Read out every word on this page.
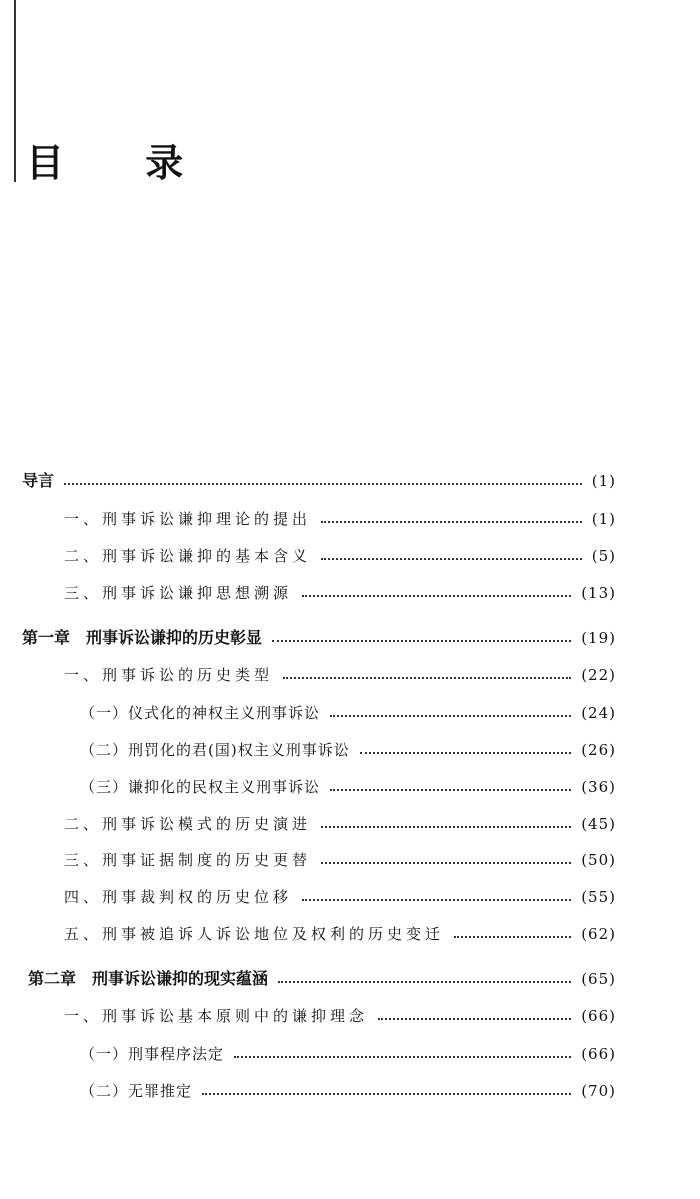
目 录
导言	(1)
一、刑事诉讼谦抑理论的提出	(1)
二、刑事诉讼谦抑的基本含义	(5)
三、刑事诉讼谦抑思想溯源	(13)
第一章　刑事诉讼谦抑的历史彰显	(19)
一、刑事诉讼的历史类型	(22)
（一）仪式化的神权主义刑事诉讼	(24)
（二）刑罚化的君(国)权主义刑事诉讼	(26)
（三）谦抑化的民权主义刑事诉讼	(36)
二、刑事诉讼模式的历史演进	(45)
三、刑事证据制度的历史更替	(50)
四、刑事裁判权的历史位移	(55)
五、刑事被追诉人诉讼地位及权利的历史变迁	(62)
第二章　刑事诉讼谦抑的现实蕴涵	(65)
一、刑事诉讼基本原则中的谦抑理念	(66)
（一）刑事程序法定	(66)
（二）无罪推定	(70)
